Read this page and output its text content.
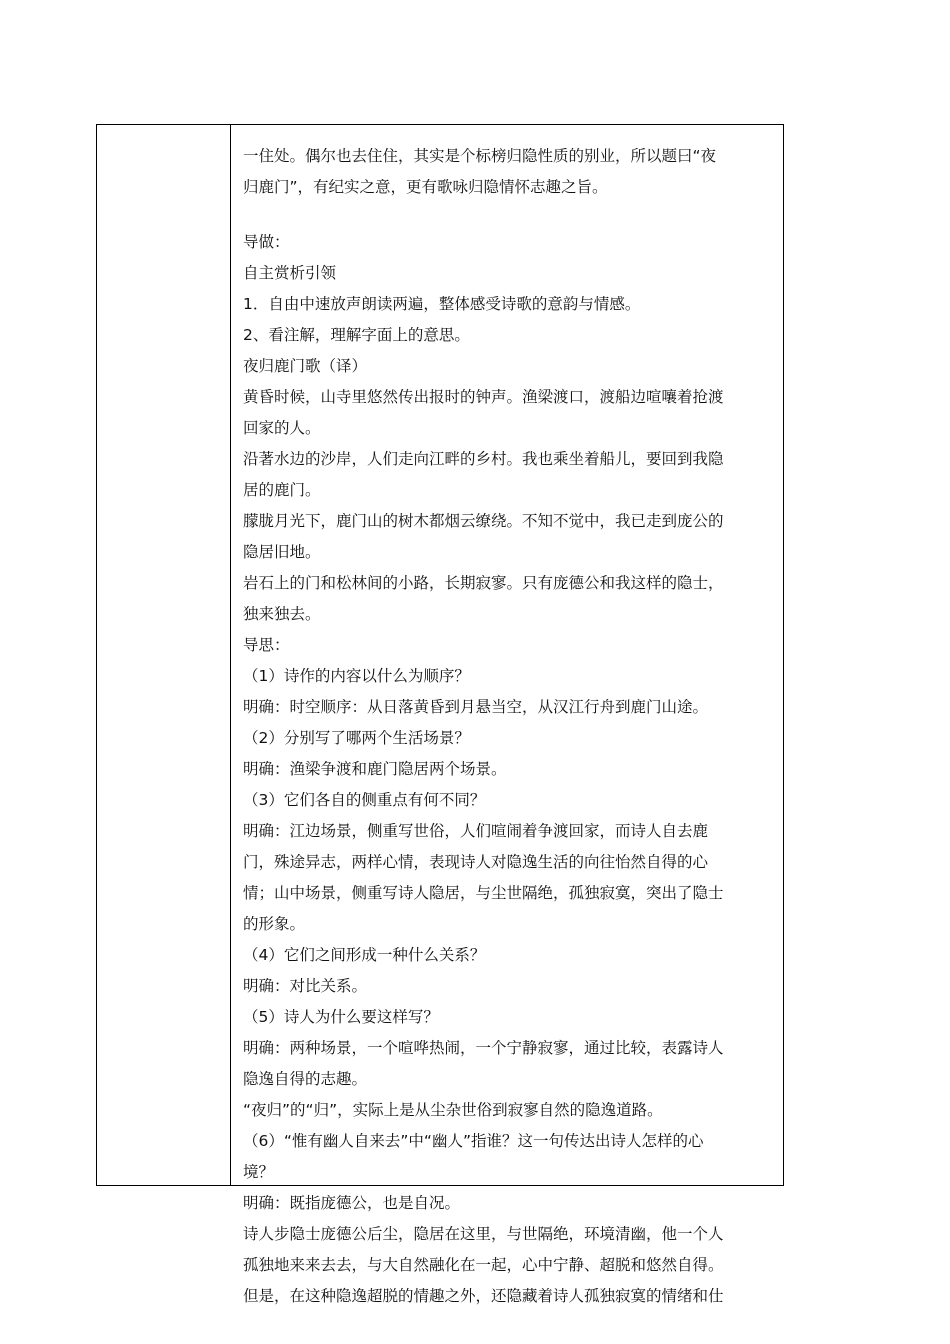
一住处。偶尔也去住住，其实是个标榜归隐性质的别业，所以题曰“夜
归鹿门”，有纪实之意，更有歌咏归隐情怀志趣之旨。
导做：
自主赏析引领
1．自由中速放声朗读两遍，整体感受诗歌的意韵与情感。
2、看注解，理解字面上的意思。
夜归鹿门歌（译）
黄昏时候，山寺里悠然传出报时的钟声。渔梁渡口，渡船边喧嚷着抢渡
回家的人。
沿著水边的沙岸，人们走向江畔的乡村。我也乘坐着船儿，要回到我隐
居的鹿门。
朦胧月光下，鹿门山的树木都烟云缭绕。不知不觉中，我已走到庞公的
隐居旧地。
岩石上的门和松林间的小路，长期寂寥。只有庞德公和我这样的隐士，
独来独去。
导思：
（1）诗作的内容以什么为顺序？
明确：时空顺序：从日落黄昏到月悬当空，从汉江行舟到鹿门山途。
（2）分别写了哪两个生活场景？
明确：渔梁争渡和鹿门隐居两个场景。
（3）它们各自的侧重点有何不同？
明确：江边场景，侧重写世俗，人们喧闹着争渡回家，而诗人自去鹿
门，殊途异志，两样心情，表现诗人对隐逸生活的向往怡然自得的心
情；山中场景，侧重写诗人隐居，与尘世隔绝，孤独寂寞，突出了隐士
的形象。
（4）它们之间形成一种什么关系？
明确：对比关系。
（5）诗人为什么要这样写？
明确：两种场景，一个喧哗热闹，一个宁静寂寥，通过比较，表露诗人
隐逸自得的志趣。
“夜归”的“归”，实际上是从尘杂世俗到寂寥自然的隐逸道路。
（6）“惟有幽人自来去”中“幽人”指谁？这一句传达出诗人怎样的心
境？
明确：既指庞德公，也是自况。
诗人步隐士庞德公后尘，隐居在这里，与世隔绝，环境清幽，他一个人
孤独地来来去去，与大自然融化在一起，心中宁静、超脱和悠然自得。
但是，在这种隐逸超脱的情趣之外，还隐藏着诗人孤独寂寞的情绪和仕
